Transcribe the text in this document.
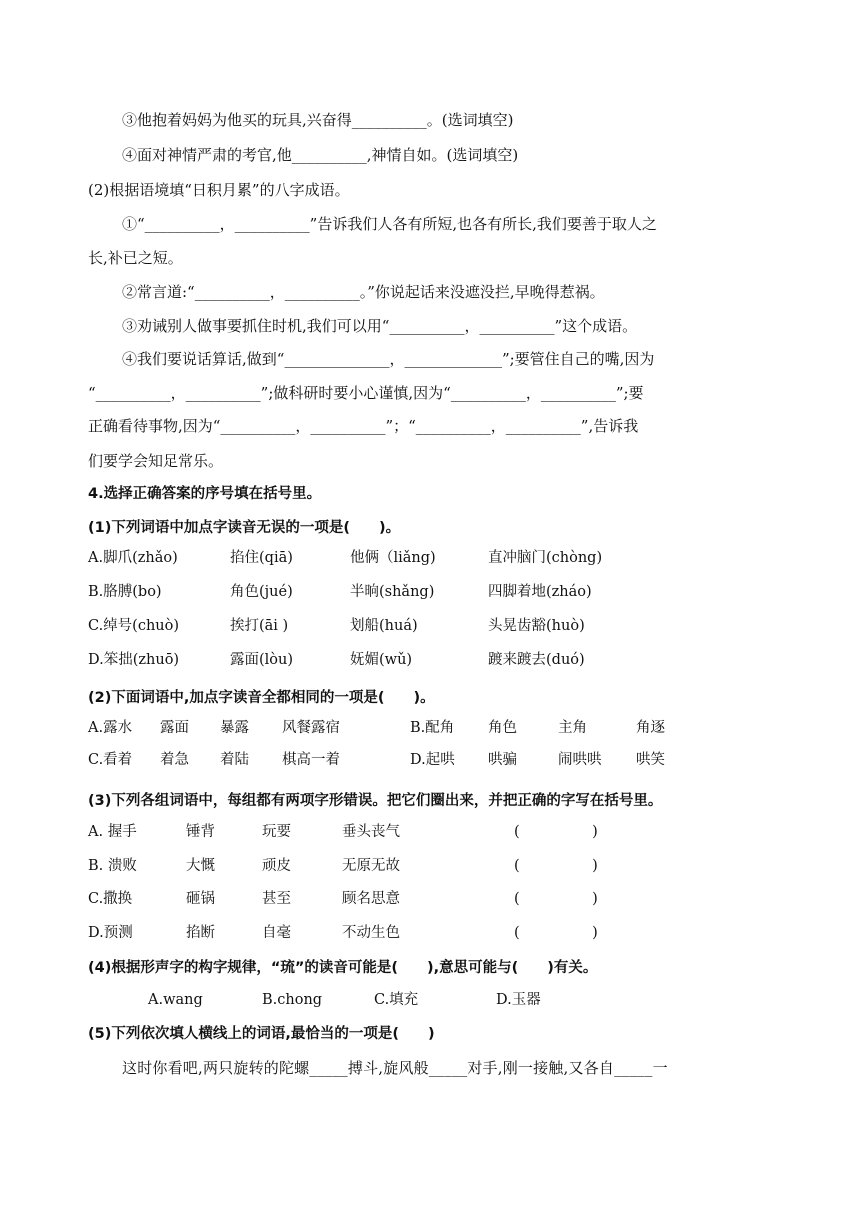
③他抱着妈妈为他买的玩具,兴奋得__________。(选词填空)
④面对神情严肃的考官,他__________,神情自如。(选词填空)
(2)根据语境填“日积月累”的八字成语。
①“__________，__________”告诉我们人各有所短,也各有所长,我们要善于取人之
长,补已之短。
②常言道:“__________，__________。”你说起话来没遮没拦,早晚得惹祸。
③劝诫别人做事要抓住时机,我们可以用“__________，__________”这个成语。
④我们要说话算话,做到“______________，_____________”;要管住自己的嘴,因为
“__________，__________”;做科研时要小心谨慎,因为“__________，__________”;要
正确看待事物,因为“__________，__________”；“__________，__________”,告诉我
们要学会知足常乐。
4.选择正确答案的序号填在括号里。
(1)下列词语中加点字读音无误的一项是(　　)。
A.脚爪(zhǎo)	掐住(qiā)	他俩（liǎng)	直冲脑门(chòng)
B.胳膊(bo)	角色(jué)	半晌(shǎng)	四脚着地(zháo)
C.绰号(chuò)	挨打(āi )	划船(huá)	头晃齿豁(huò)
D.笨拙(zhuō)	露面(lòu)	妩媚(wǔ)	踱来踱去(duó)
(2)下面词语中,加点字读音全都相同的一项是(　　)。
A.露水 露面 暴露 风餐露宿	B.配角 角色	主角	角逐
C.看着 着急 着陆 棋高一着	D.起哄 哄骗	闹哄哄 哄笑
(3)下列各组词语中，每组都有两项字形错误。把它们圈出来，并把正确的字写在括号里。
A. 握手	锤背	玩要	垂头丧气	(　　　　　)
B. 溃败	大慨	顽皮	无原无故	(　　　　　)
C.撒换	砸锅	甚至	顾名思意	(　　　　　)
D.预测	掐断	自毫	不动生色	(　　　　　)
(4)根据形声字的构字规律，“琉”的读音可能是(　　),意思可能与(　　)有关。
A.wang	B.chong	C.填充	D.玉器
(5)下列依次填人横线上的词语,最恰当的一项是(　　)
这时你看吧,两只旋转的陀螺_____搏斗,旋风般_____对手,刚一接触,又各自_____一
